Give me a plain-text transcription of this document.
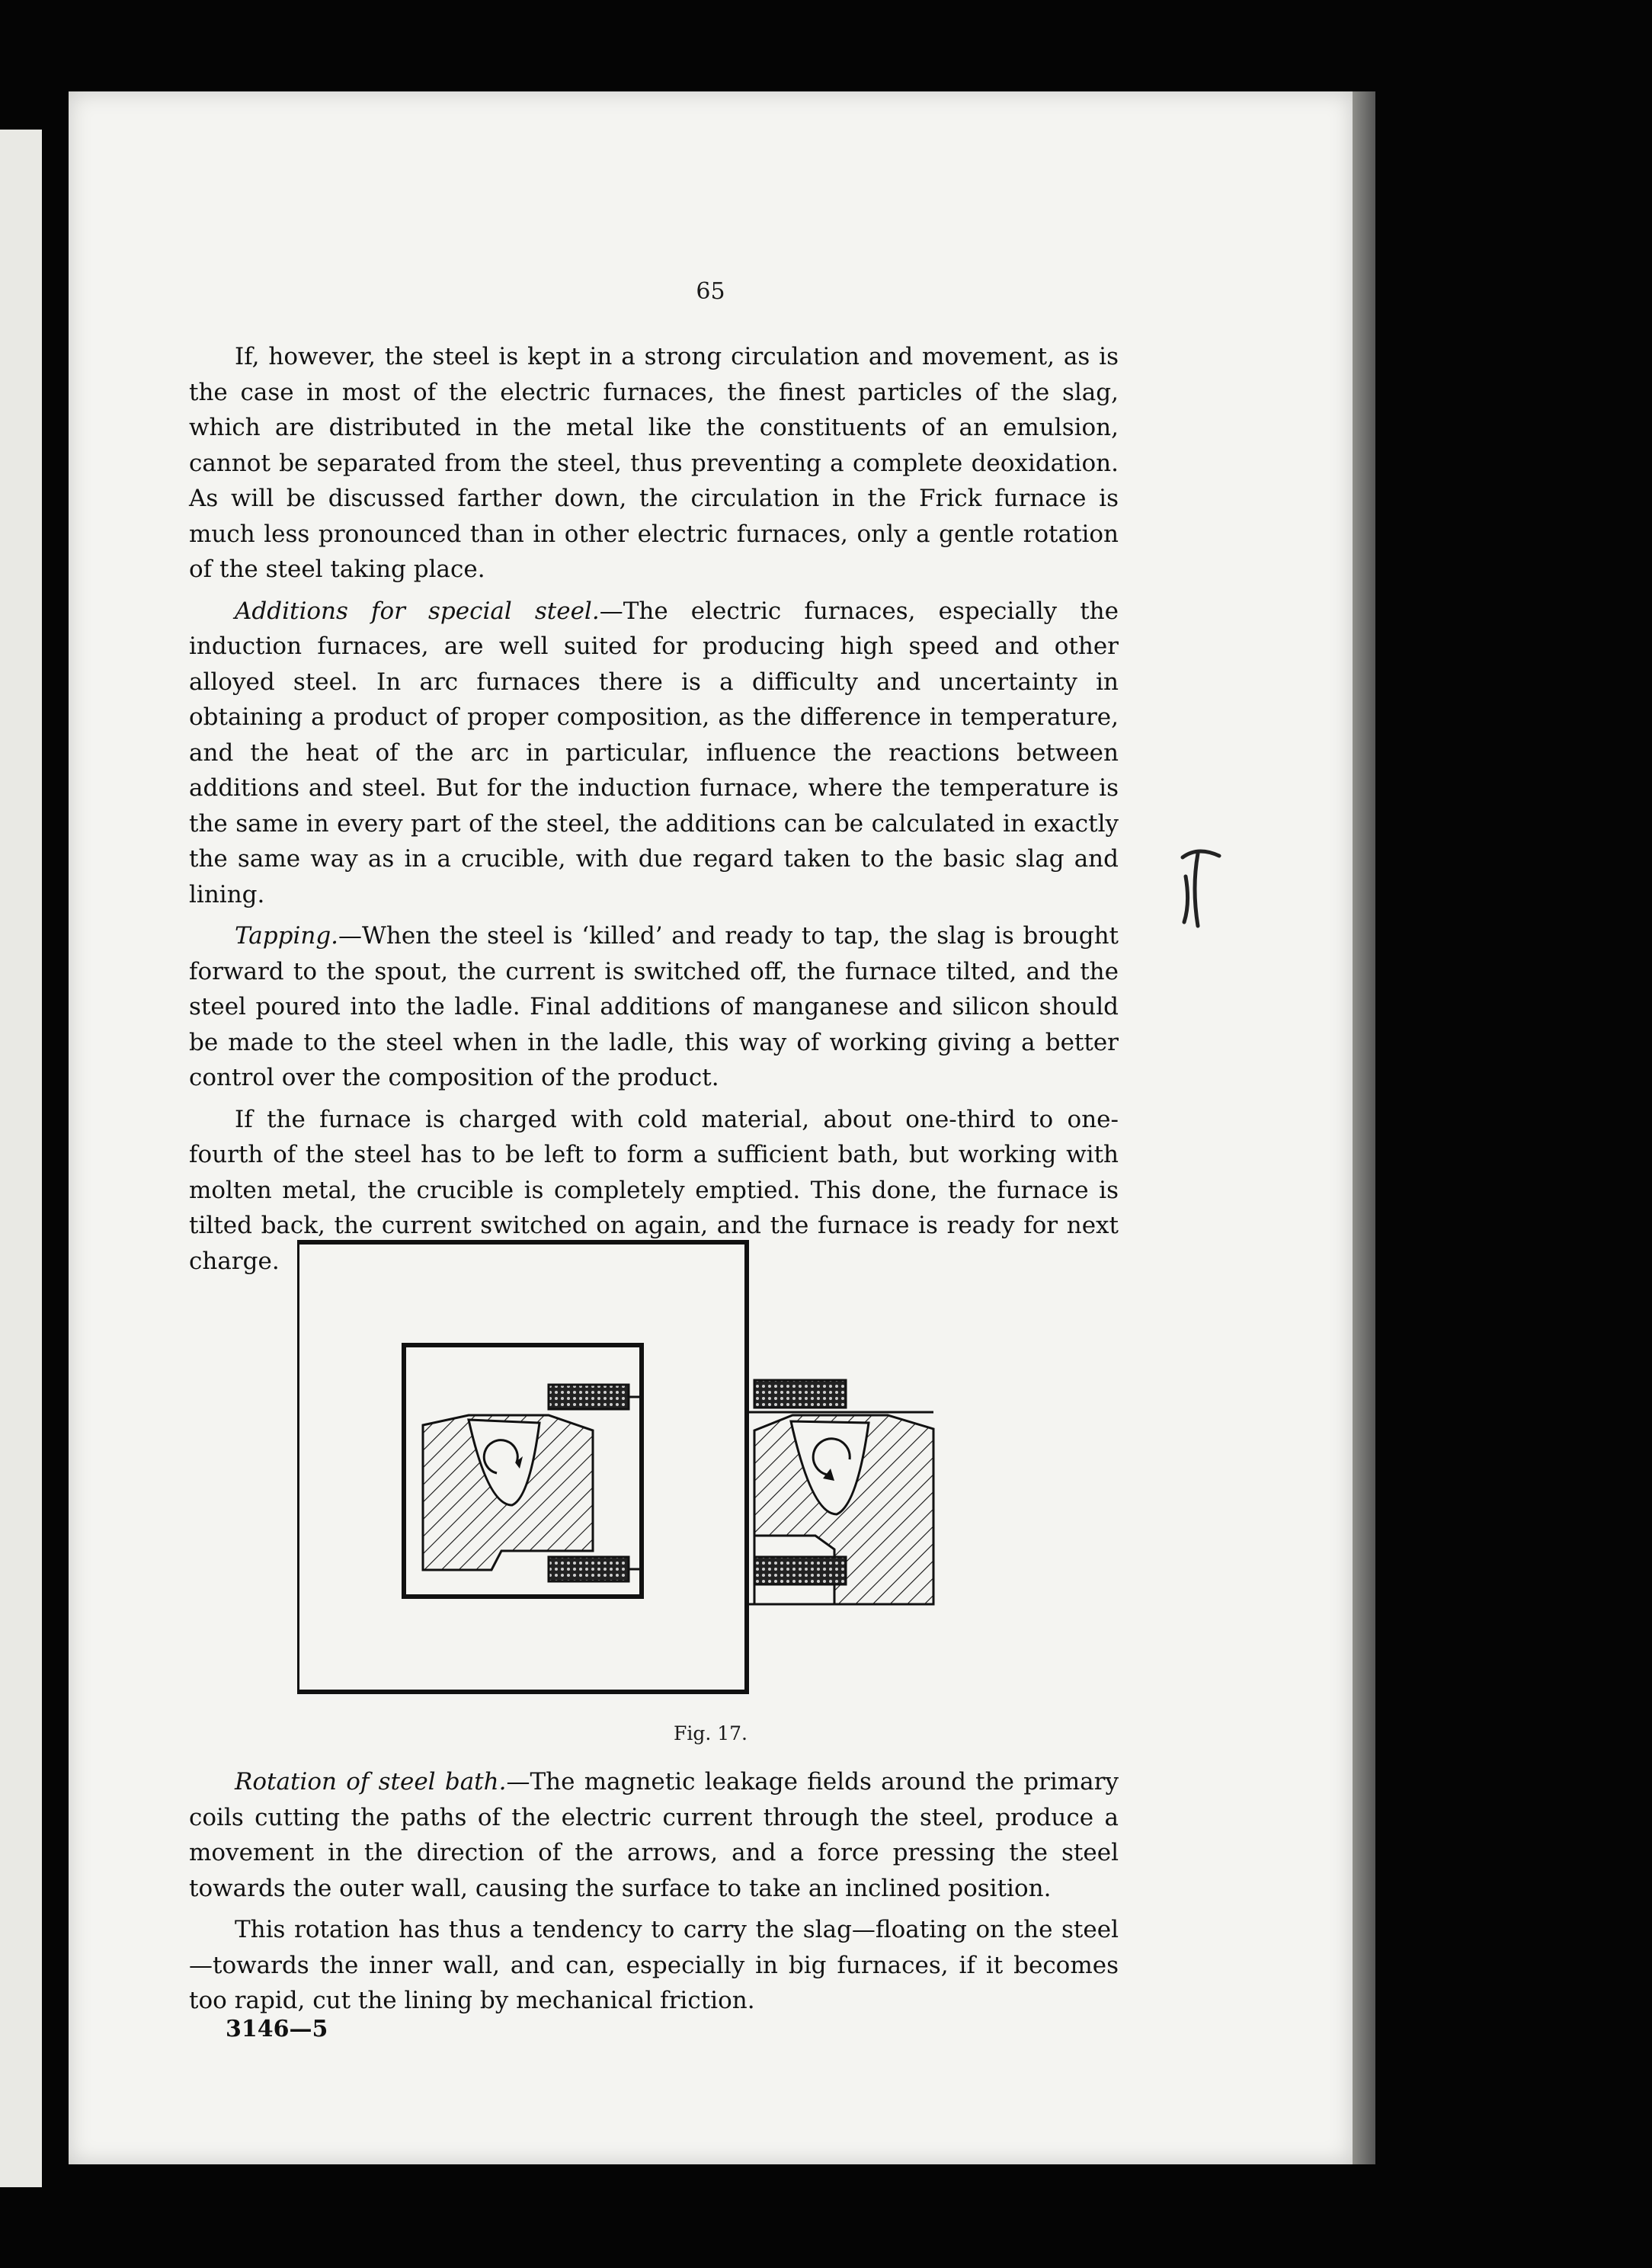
65

If, however, the steel is kept in a strong circulation and movement, as is the case in most of the electric furnaces, the finest particles of the slag, which are distributed in the metal like the constituents of an emulsion, cannot be separated from the steel, thus preventing a complete deoxidation. As will be discussed farther down, the circulation in the Frick furnace is much less pronounced than in other electric furnaces, only a gentle rotation of the steel taking place.

Additions for special steel.—The electric furnaces, especially the induction furnaces, are well suited for producing high speed and other alloyed steel. In arc furnaces there is a difficulty and uncertainty in obtaining a product of proper composition, as the difference in temperature, and the heat of the arc in particular, influence the reactions between additions and steel. But for the induction furnace, where the temperature is the same in every part of the steel, the additions can be calculated in exactly the same way as in a crucible, with due regard taken to the basic slag and lining.

Tapping.—When the steel is ‘killed’ and ready to tap, the slag is brought forward to the spout, the current is switched off, the furnace tilted, and the steel poured into the ladle. Final additions of manganese and silicon should be made to the steel when in the ladle, this way of working giving a better control over the composition of the product.

If the furnace is charged with cold material, about one-third to one-fourth of the steel has to be left to form a sufficient bath, but working with molten metal, the crucible is completely emptied. This done, the furnace is tilted back, the current switched on again, and the furnace is ready for next charge.

Fig. 17.

Rotation of steel bath.—The magnetic leakage fields around the primary coils cutting the paths of the electric current through the steel, produce a movement in the direction of the arrows, and a force pressing the steel towards the outer wall, causing the surface to take an inclined position.

This rotation has thus a tendency to carry the slag—floating on the steel—towards the inner wall, and can, especially in big furnaces, if it becomes too rapid, cut the lining by mechanical friction.

3146—5
